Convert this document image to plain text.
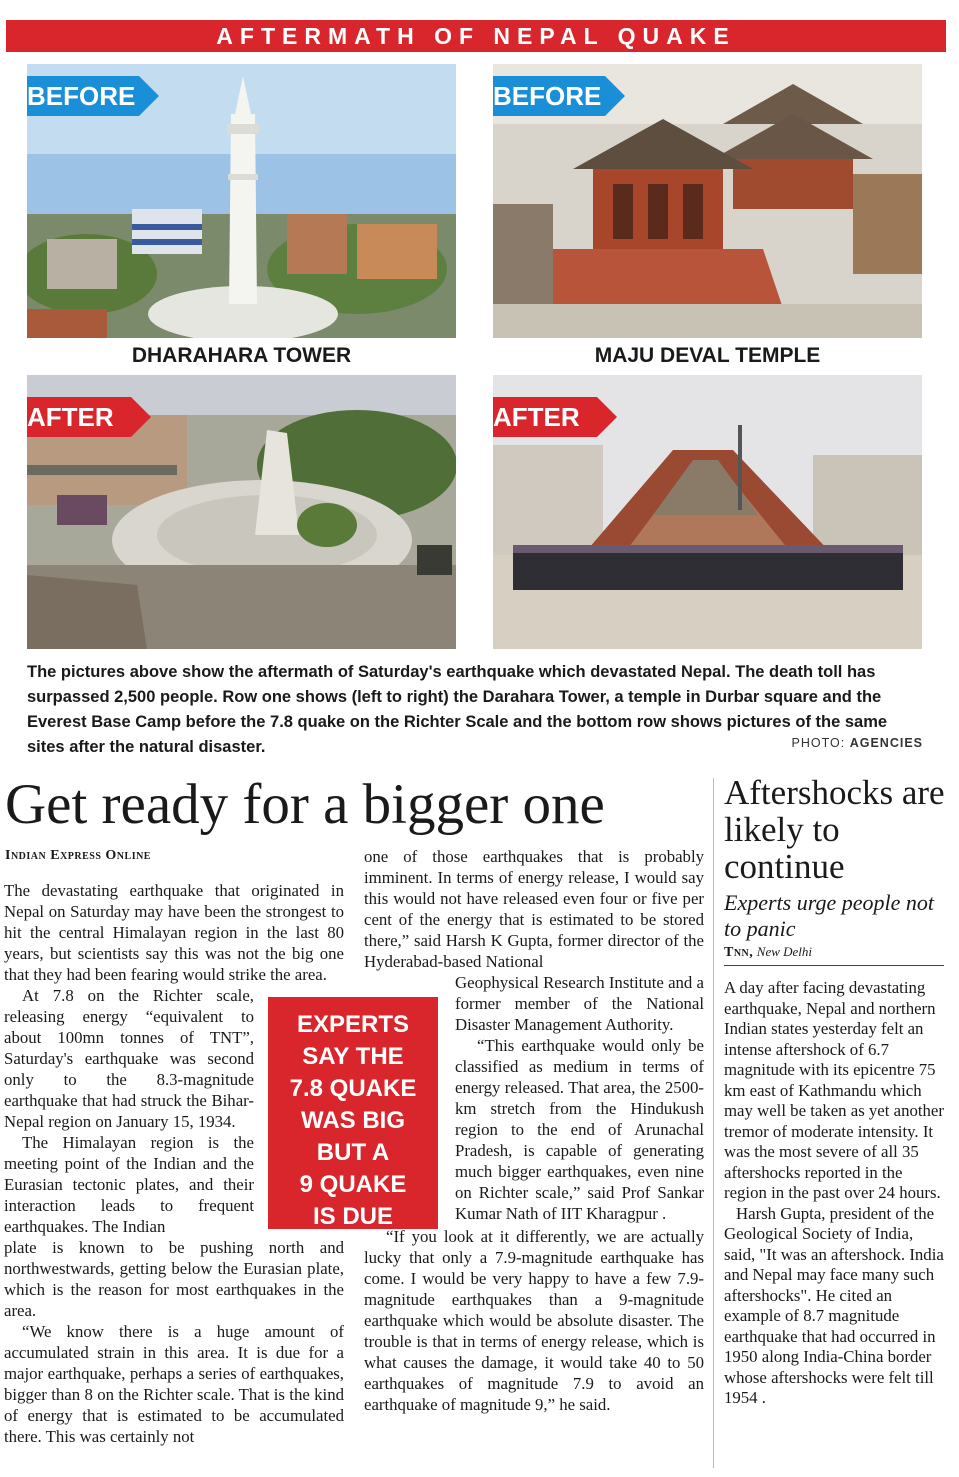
AFTERMATH OF NEPAL QUAKE
BEFORE	BEFORE
DHARAHARA TOWER	MAJU DEVAL TEMPLE
AFTER	AFTER
The pictures above show the aftermath of Saturday's earthquake which devastated Nepal. The death toll has surpassed 2,500 people. Row one shows (left to right) the Darahara Tower, a temple in Durbar square and the Everest Base Camp before the 7.8 quake on the Richter Scale and the bottom row shows pictures of the same sites after the natural disaster.	PHOTO: AGENCIES
Get ready for a bigger one
Indian Express Online

The devastating earthquake that originated in Nepal on Saturday may have been the strongest to hit the central Himalayan region in the last 80 years, but scientists say this was not the big one that they had been fearing would strike the area.

At 7.8 on the Richter scale, releasing energy “equivalent to about 100mn tonnes of TNT”, Saturday's earthquake was second only to the 8.3-magnitude earthquake that had struck the Bihar-Nepal region on January 15, 1934.

The Himalayan region is the meeting point of the Indian and the Eurasian tectonic plates, and their interaction leads to frequent earthquakes. The Indian

plate is known to be pushing north and northwestwards, getting below the Eurasian plate, which is the reason for most earthquakes in the area.

“We know there is a huge amount of accumulated strain in this area. It is due for a major earthquake, perhaps a series of earthquakes, bigger than 8 on the Richter scale. That is the kind of energy that is estimated to be accumulated there. This was certainly not

EXPERTS
SAY THE
7.8 QUAKE
WAS BIG
BUT A
9 QUAKE
IS DUE

one of those earthquakes that is probably imminent. In terms of energy release, I would say this would not have released even four or five per cent of the energy that is estimated to be stored there,” said Harsh K Gupta, former director of the Hyderabad-based National

Geophysical Research Institute and a former member of the National Disaster Management Authority.

“This earthquake would only be classified as medium in terms of energy released. That area, the 2500-km stretch from the Hindukush region to the end of Arunachal Pradesh, is capable of generating much bigger earthquakes, even nine on Richter scale,” said Prof Sankar Kumar Nath of IIT Kharagpur .

“If you look at it differently, we are actually lucky that only a 7.9-magnitude earthquake has come. I would be very happy to have a few 7.9-magnitude earthquakes than a 9-magnitude earthquake which would be absolute disaster. The trouble is that in terms of energy release, which is what causes the damage, it would take 40 to 50 earthquakes of magnitude 7.9 to avoid an earthquake of magnitude 9,” he said.

Aftershocks are likely to continue
Experts urge people not to panic
Tnn, New Delhi

A day after facing devastating earthquake, Nepal and northern Indian states yesterday felt an intense aftershock of 6.7 magnitude with its epicentre 75 km east of Kathmandu which may well be taken as yet another tremor of moderate intensity. It was the most severe of all 35 aftershocks reported in the region in the past over 24 hours.

Harsh Gupta, president of the Geological Society of India, said, "It was an aftershock. India and Nepal may face many such aftershocks". He cited an example of 8.7 magnitude earthquake that had occurred in 1950 along India-China border whose aftershocks were felt till 1954 .
